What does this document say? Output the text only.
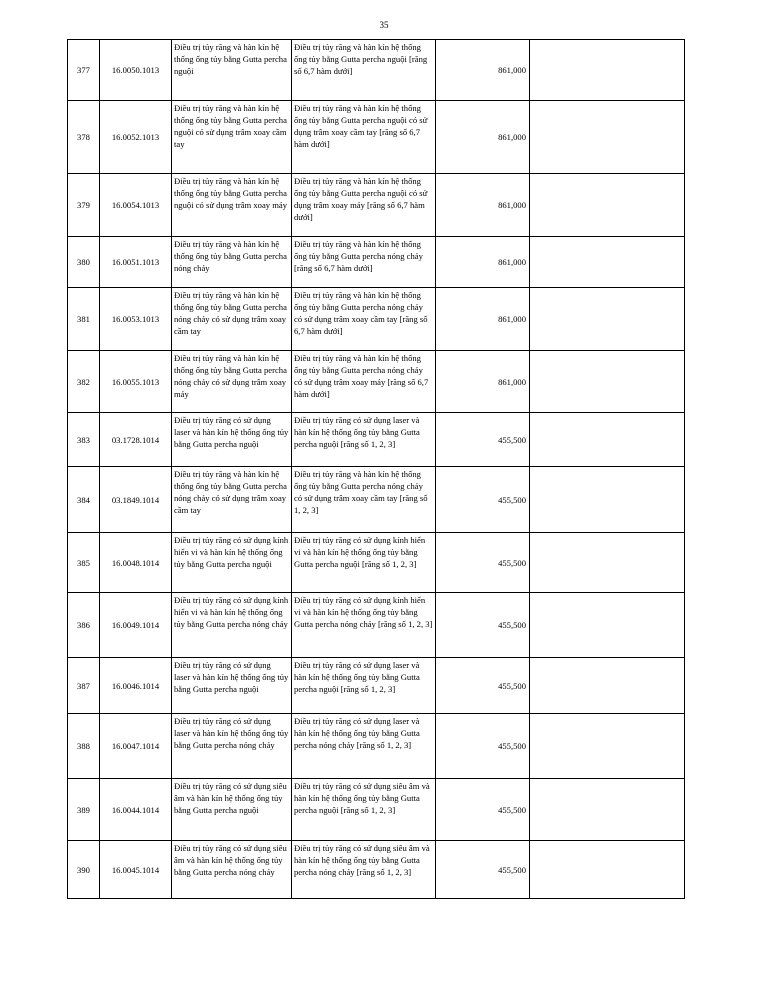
35
377	16.0050.1013	Điều trị tủy răng và hàn kín hệ thống ống tủy bằng Gutta percha nguội	Điều trị tủy răng và hàn kín hệ thống ống tủy bằng Gutta percha nguội [răng số 6,7 hàm dưới]	861,000	
378	16.0052.1013	Điều trị tủy răng và hàn kín hệ thống ống tủy bằng Gutta percha nguội có sử dụng trâm xoay cầm tay	Điều trị tủy răng và hàn kín hệ thống ống tủy bằng Gutta percha nguội có sử dụng trâm xoay cầm tay [răng số 6,7 hàm dưới]	861,000	
379	16.0054.1013	Điều trị tủy răng và hàn kín hệ thống ống tủy bằng Gutta percha nguội có sử dụng trâm xoay máy	Điều trị tủy răng và hàn kín hệ thống ống tủy bằng Gutta percha nguội có sử dụng trâm xoay máy [răng số 6,7 hàm dưới]	861,000	
380	16.0051.1013	Điều trị tủy răng và hàn kín hệ thống ống tủy bằng Gutta percha nóng chảy	Điều trị tủy răng và hàn kín hệ thống ống tủy bằng Gutta percha nóng chảy [răng số 6,7 hàm dưới]	861,000	
381	16.0053.1013	Điều trị tủy răng và hàn kín hệ thống ống tủy bằng Gutta percha nóng chảy có sử dụng trâm xoay cầm tay	Điều trị tủy răng và hàn kín hệ thống ống tủy bằng Gutta percha nóng chảy có sử dụng trâm xoay cầm tay [răng số 6,7 hàm dưới]	861,000	
382	16.0055.1013	Điều trị tủy răng và hàn kín hệ thống ống tủy bằng Gutta percha nóng chảy có sử dụng trâm xoay máy	Điều trị tủy răng và hàn kín hệ thống ống tủy bằng Gutta percha nóng chảy có sử dụng trâm xoay máy [răng số 6,7 hàm dưới]	861,000	
383	03.1728.1014	Điều trị tủy răng có sử dụng laser và hàn kín hệ thống ống tủy bằng Gutta percha nguội	Điều trị tủy răng có sử dụng laser và hàn kín hệ thống ống tủy bằng Gutta percha nguội [răng số 1, 2, 3]	455,500	
384	03.1849.1014	Điều trị tủy răng và hàn kín hệ thống ống tủy bằng Gutta percha nóng chảy có sử dụng trâm xoay cầm tay	Điều trị tủy răng và hàn kín hệ thống ống tủy bằng Gutta percha nóng chảy có sử dụng trâm xoay cầm tay [răng số 1, 2, 3]	455,500	
385	16.0048.1014	Điều trị tủy răng có sử dụng kính hiển vi và hàn kín hệ thống ống tủy bằng Gutta percha nguội	Điều trị tủy răng có sử dụng kính hiển vi và hàn kín hệ thống ống tủy bằng Gutta percha nguội [răng số 1, 2, 3]	455,500	
386	16.0049.1014	Điều trị tủy răng có sử dụng kính hiển vi và hàn kín hệ thống ống tủy bằng Gutta percha nóng chảy	Điều trị tủy răng có sử dụng kính hiển vi và hàn kín hệ thống ống tủy bằng Gutta percha nóng chảy [răng số 1, 2, 3]	455,500	
387	16.0046.1014	Điều trị tủy răng có sử dụng laser và hàn kín hệ thống ống tủy bằng Gutta percha nguội	Điều trị tủy răng có sử dụng laser và hàn kín hệ thống ống tủy bằng Gutta percha nguội [răng số 1, 2, 3]	455,500	
388	16.0047.1014	Điều trị tủy răng có sử dụng laser và hàn kín hệ thống ống tủy bằng Gutta percha nóng chảy	Điều trị tủy răng có sử dụng laser và hàn kín hệ thống ống tủy bằng Gutta percha nóng chảy [răng số 1, 2, 3]	455,500	
389	16.0044.1014	Điều trị tủy răng có sử dụng siêu âm và hàn kín hệ thống ống tủy bằng Gutta percha nguội	Điều trị tủy răng có sử dụng siêu âm và hàn kín hệ thống ống tủy bằng Gutta percha nguội [răng số 1, 2, 3]	455,500	
390	16.0045.1014	Điều trị tủy răng có sử dụng siêu âm và hàn kín hệ thống ống tủy bằng Gutta percha nóng chảy	Điều trị tủy răng có sử dụng siêu âm và hàn kín hệ thống ống tủy bằng Gutta percha nóng chảy [răng số 1, 2, 3]	455,500	
